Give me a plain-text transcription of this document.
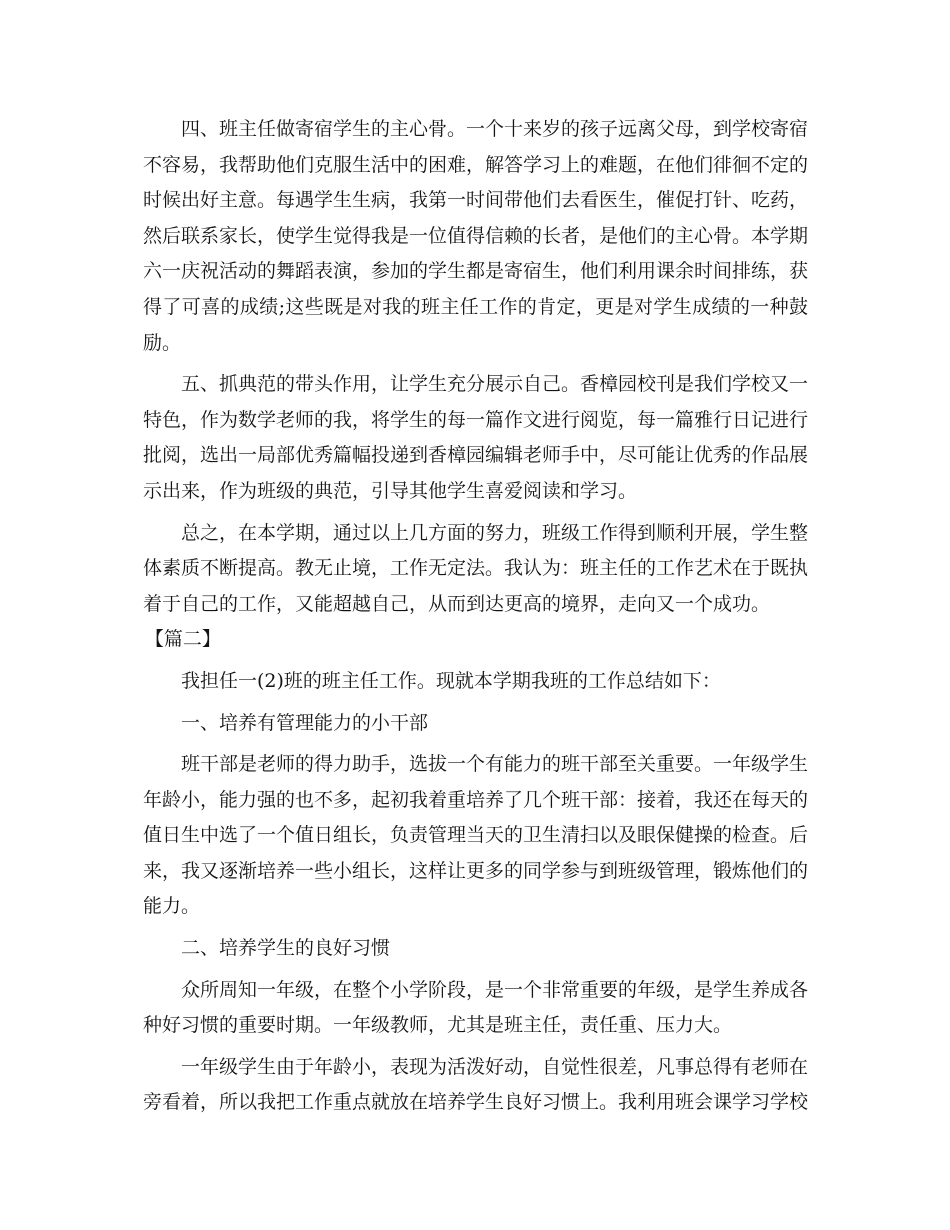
四、班主任做寄宿学生的主心骨。一个十来岁的孩子远离父母，到学校寄宿不容易，我帮助他们克服生活中的困难，解答学习上的难题，在他们徘徊不定的时候出好主意。每遇学生生病，我第一时间带他们去看医生，催促打针、吃药，然后联系家长，使学生觉得我是一位值得信赖的长者，是他们的主心骨。本学期六一庆祝活动的舞蹈表演，参加的学生都是寄宿生，他们利用课余时间排练，获得了可喜的成绩;这些既是对我的班主任工作的肯定，更是对学生成绩的一种鼓励。

五、抓典范的带头作用，让学生充分展示自己。香樟园校刊是我们学校又一特色，作为数学老师的我，将学生的每一篇作文进行阅览，每一篇雅行日记进行批阅，选出一局部优秀篇幅投递到香樟园编辑老师手中，尽可能让优秀的作品展示出来，作为班级的典范，引导其他学生喜爱阅读和学习。

总之，在本学期，通过以上几方面的努力，班级工作得到顺利开展，学生整体素质不断提高。教无止境，工作无定法。我认为：班主任的工作艺术在于既执着于自己的工作，又能超越自己，从而到达更高的境界，走向又一个成功。

【篇二】

我担任一(2)班的班主任工作。现就本学期我班的工作总结如下：

一、培养有管理能力的小干部

班干部是老师的得力助手，选拔一个有能力的班干部至关重要。一年级学生年龄小，能力强的也不多，起初我着重培养了几个班干部：接着，我还在每天的值日生中选了一个值日组长，负责管理当天的卫生清扫以及眼保健操的检查。后来，我又逐渐培养一些小组长，这样让更多的同学参与到班级管理，锻炼他们的能力。

二、培养学生的良好习惯

众所周知一年级，在整个小学阶段，是一个非常重要的年级，是学生养成各种好习惯的重要时期。一年级教师，尤其是班主任，责任重、压力大。

一年级学生由于年龄小，表现为活泼好动，自觉性很差，凡事总得有老师在旁看着，所以我把工作重点就放在培养学生良好习惯上。我利用班会课学习学校
